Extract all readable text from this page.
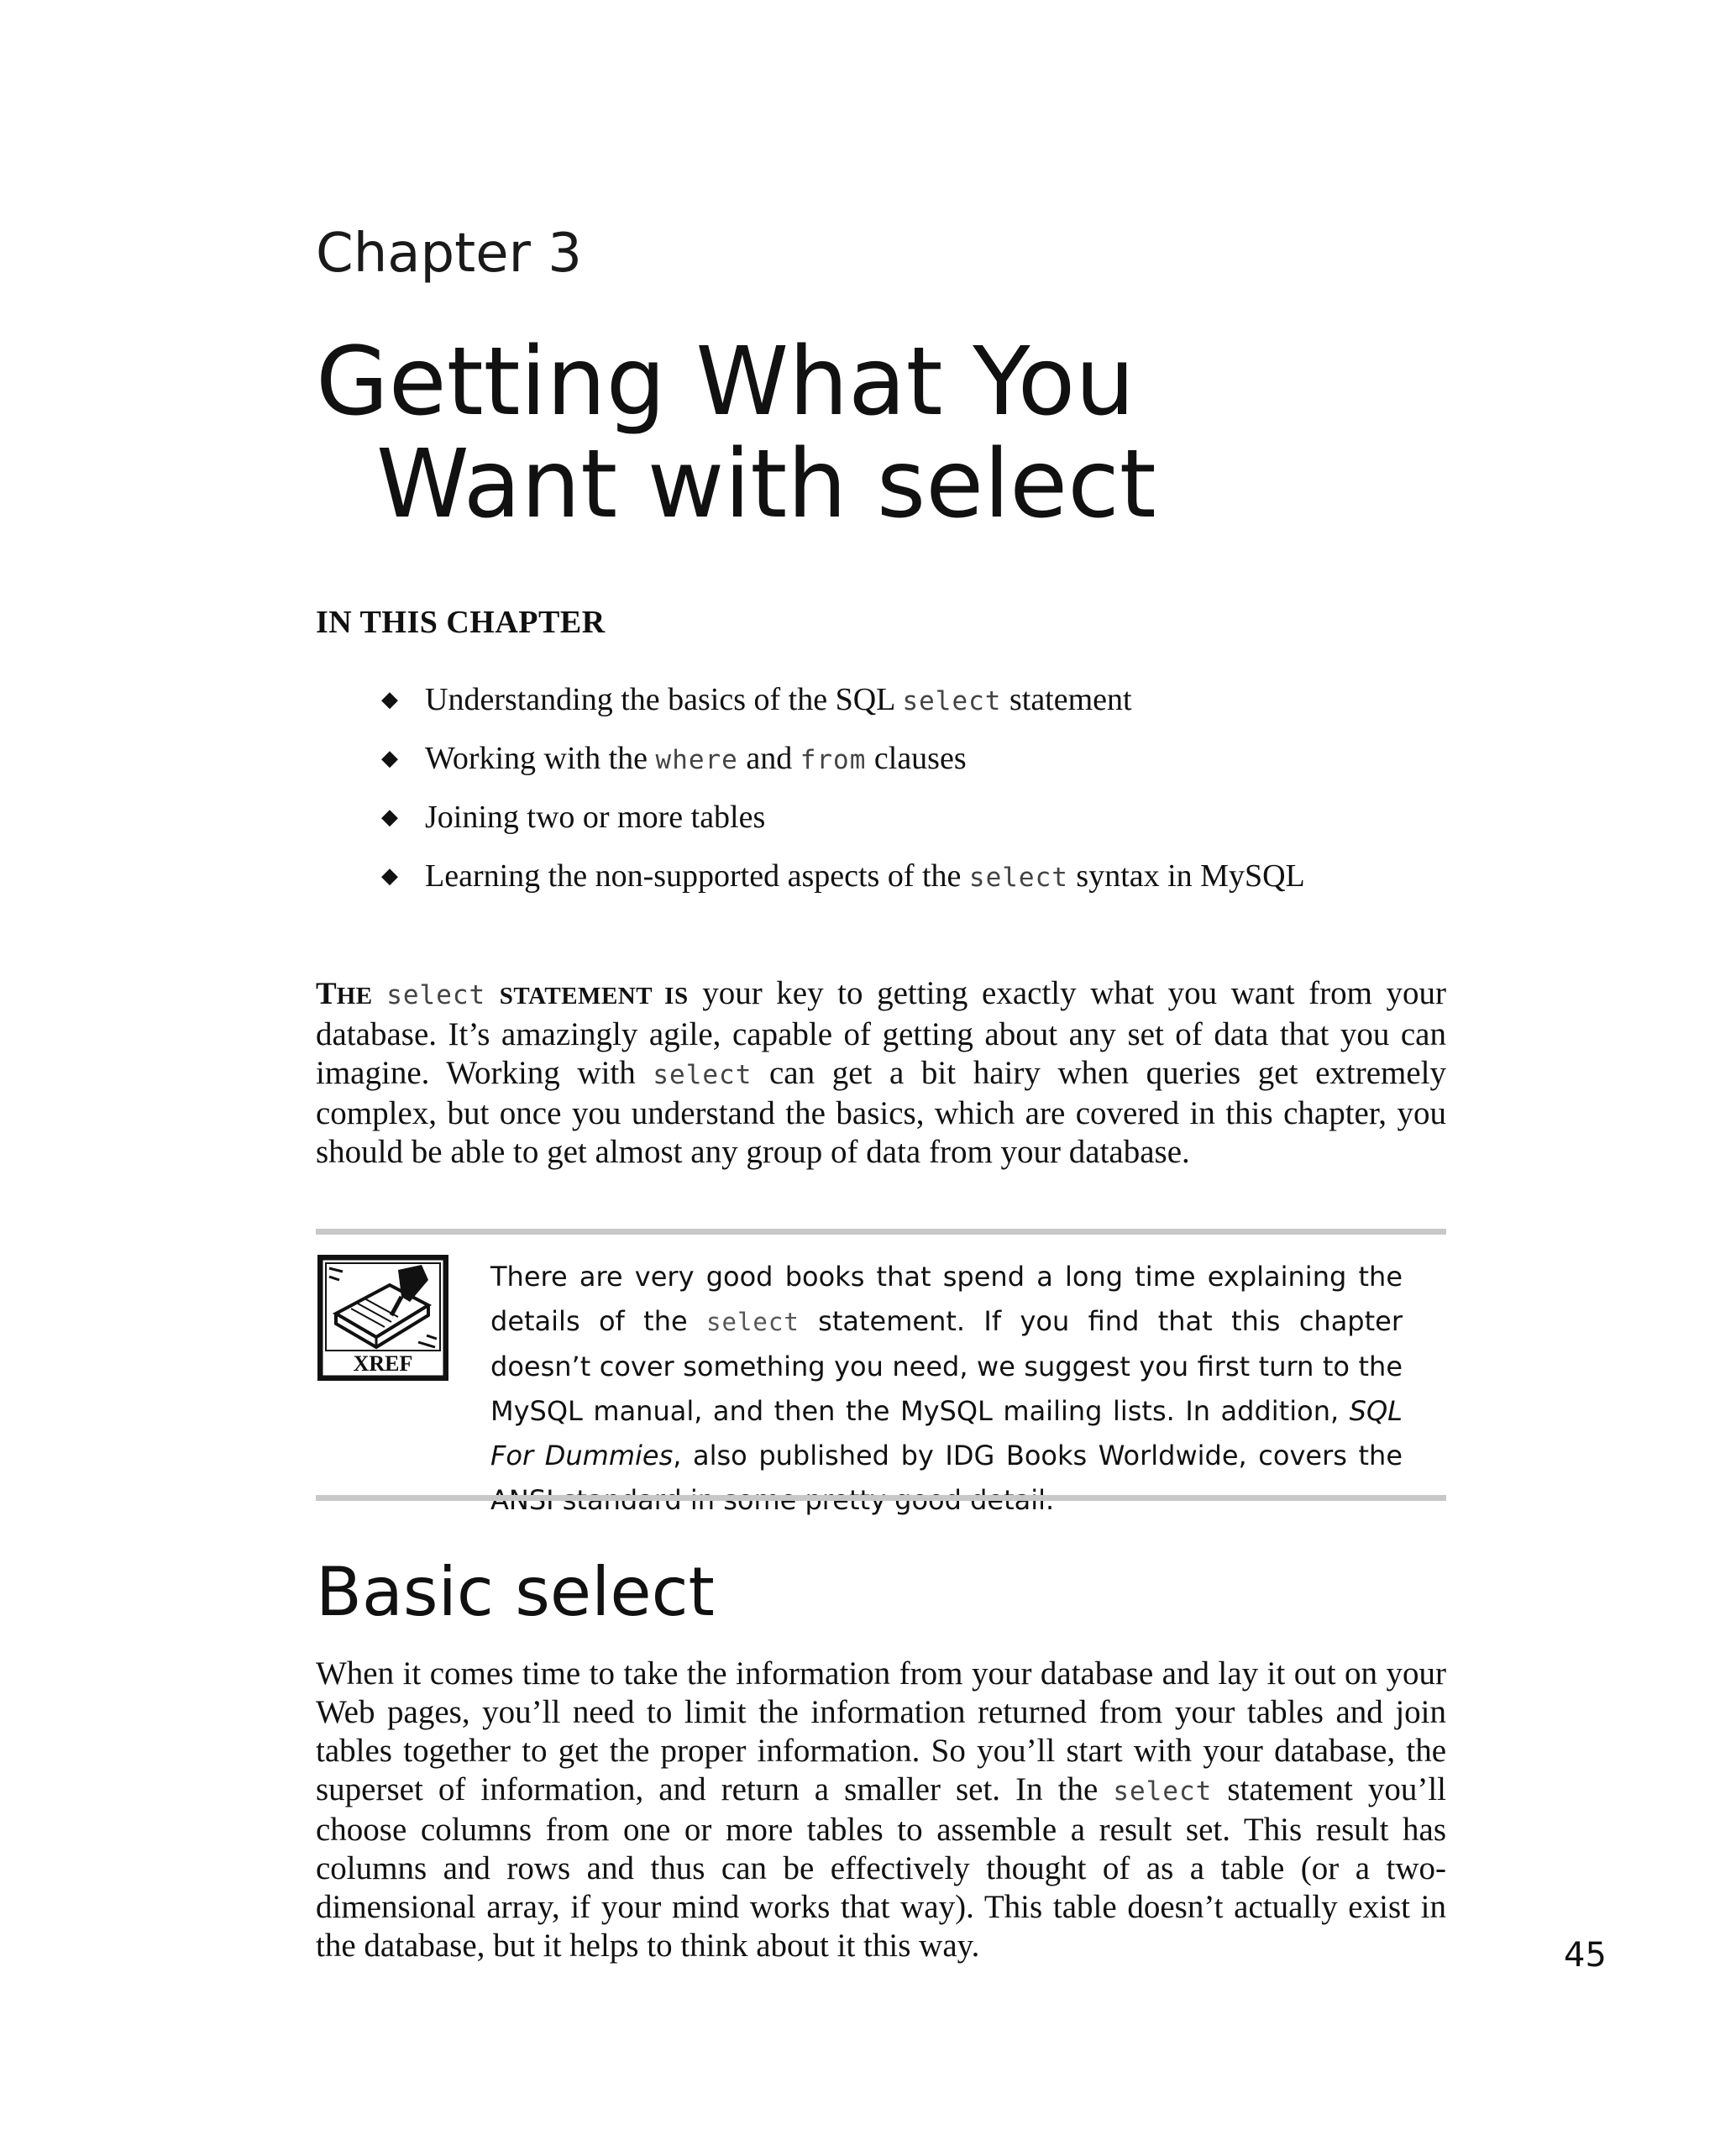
Chapter 3
Getting What You
Want with select
IN THIS CHAPTER
◆ Understanding the basics of the SQL select statement
◆ Working with the where and from clauses
◆ Joining two or more tables
◆ Learning the non-supported aspects of the select syntax in MySQL

THE select STATEMENT IS your key to getting exactly what you want from your database. It’s amazingly agile, capable of getting about any set of data that you can imagine. Working with select can get a bit hairy when queries get extremely complex, but once you understand the basics, which are covered in this chapter, you should be able to get almost any group of data from your database.

XREF

There are very good books that spend a long time explaining the details of the select statement. If you find that this chapter doesn’t cover something you need, we suggest you first turn to the MySQL manual, and then the MySQL mailing lists. In addition, SQL For Dummies, also published by IDG Books Worldwide, covers the

Basic select

When it comes time to take the information from your database and lay it out on your Web pages, you’ll need to limit the information returned from your tables and join tables together to get the proper information. So you’ll start with your database, the superset of information, and return a smaller set. In the select statement you’ll choose columns from one or more tables to assemble a result set. This result has columns and rows and thus can be effectively thought of as a table (or a two-dimensional array, if your mind works that way). This table doesn’t actually exist in the database, but it helps to think about it this way.	45
